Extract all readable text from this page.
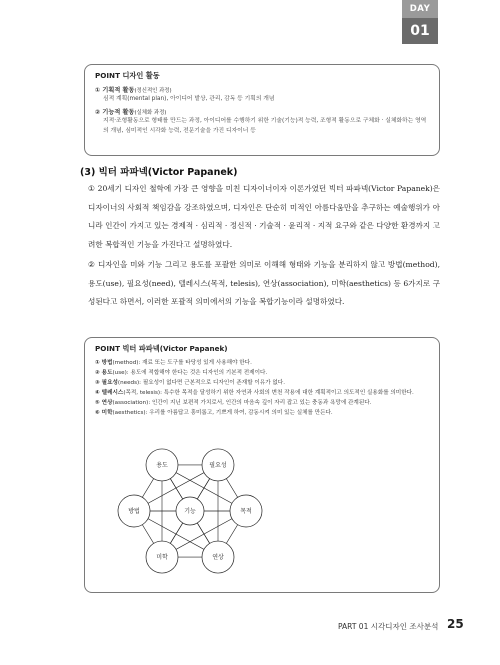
DAY
01
POINT 디자인 활동
① 기획적 활동(정신적인 과정)
심적 계획(mental plan), 아이디어 발상, 관리, 감독 등 기획의 개념
② 기능적 활동(실체화 과정)
지적·조형활동으로 형태를 만드는 과정, 아이디어를 수행하기 위한 기술(기능)적 능력, 조형적 활동으로 구체화 · 실체화하는 영역의 개념, 심미적인 시각화 능력, 전문기술을 가진 디자이너 등
(3) 빅터 파파넥(Victor Papanek)
① 20세기 디자인 철학에 가장 큰 영향을 미친 디자이너이자 이론가였던 빅터 파파넥(Victor Papanek)은 디자이너의 사회적 책임감을 강조하였으며, 디자인은 단순히 미적인 아름다움만을 추구하는 예술행위가 아니라 인간이 가지고 있는 경제적 · 심리적 · 정신적 · 기술적 · 윤리적 · 지적 요구와 같은 다양한 환경까지 고려한 복합적인 기능을 가진다고 설명하였다.
② 디자인을 미와 기능 그리고 용도를 포괄한 의미로 이해해 형태와 기능을 분리하지 않고 방법(method), 용도(use), 필요성(need), 텔레시스(목적, telesis), 연상(association), 미학(aesthetics) 등 6가지로 구성된다고 하면서, 이러한 포괄적 의미에서의 기능을 복합기능이라 설명하였다.
POINT 빅터 파파넥(Victor Papanek)
① 방법(method): 재료 또는 도구를 타당성 있게 사용해야 한다.
② 용도(use): 용도에 적합해야 한다는 것은 디자인의 기본적 전제이다.
③ 필요성(needs): 필요성이 없다면 근본적으로 디자인이 존재할 이유가 없다.
④ 텔레시스(목적, telesis): 특수한 목적을 달성하기 위한 자연과 사회의 변천 작용에 대한 계획적이고 의도적인 실용화를 의미한다.
⑤ 연상(association): 인간이 지닌 보편적 가치로서, 인간의 마음속 깊이 자리 잡고 있는 충동과 욕망에 관계된다.
⑥ 미학(aesthetics): 우리를 아름답고 흥미롭고, 기쁘게 하여, 감동시켜 의미 있는 실체를 만든다.
용도	필요성
목적
연상
미학
방법	기능
PART 01 시각디자인 조사분석 25
